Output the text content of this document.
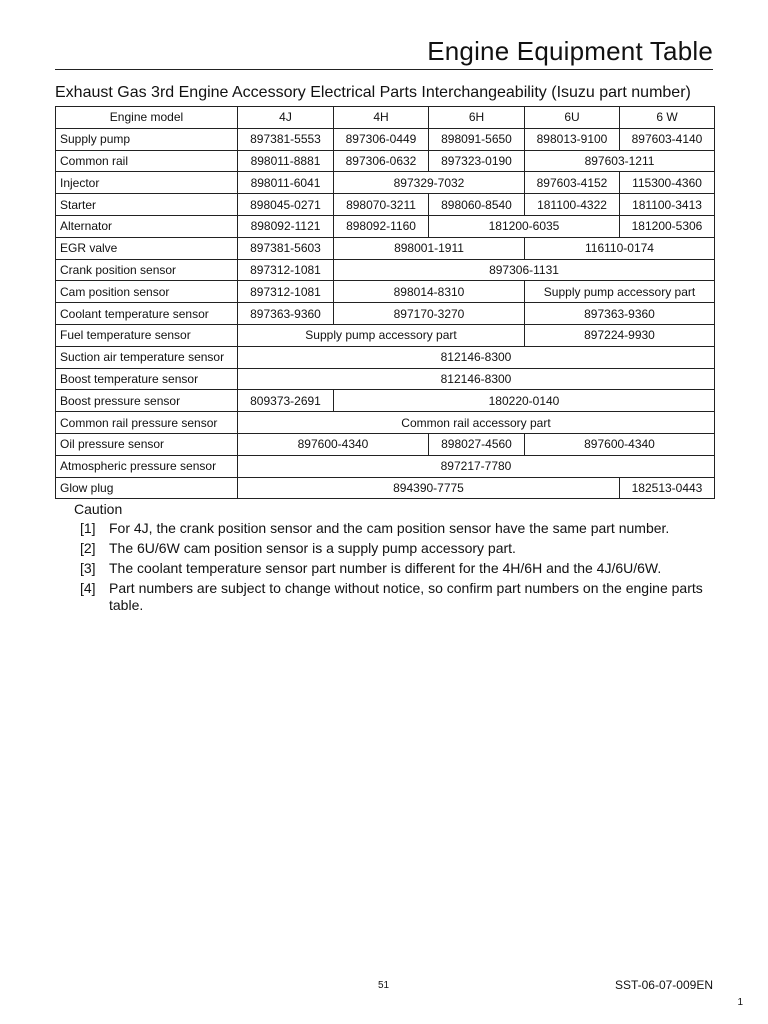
Engine Equipment Table
Exhaust Gas 3rd Engine Accessory Electrical Parts Interchangeability (Isuzu part number)
Engine model	4J	4H	6H	6U	6 W
Supply pump	897381-5553	897306-0449	898091-5650	898013-9100	897603-4140
Common rail	898011-8881	897306-0632	897323-0190	897603-1211	
Injector	898011-6041	897329-7032		897603-4152	115300-4360
Starter	898045-0271	898070-3211	898060-8540	181100-4322	181100-3413
Alternator	898092-1121	898092-1160	181200-6035		181200-5306
EGR valve	897381-5603	898001-1911		116110-0174	
Crank position sensor	897312-1081	897306-1131			
Cam position sensor	897312-1081	898014-8310		Supply pump accessory part	
Coolant temperature sensor	897363-9360	897170-3270		897363-9360	
Fuel temperature sensor	Supply pump accessory part			897224-9930	
Suction air temperature sensor	812146-8300				
Boost temperature sensor	812146-8300				
Boost pressure sensor	809373-2691	180220-0140			
Common rail pressure sensor	Common rail accessory part				
Oil pressure sensor	897600-4340		898027-4560	897600-4340	
Atmospheric pressure sensor	897217-7780				
Glow plug	894390-7775				182513-0443
Caution
[1] For 4J, the crank position sensor and the cam position sensor have the same part number.
[2] The 6U/6W cam position sensor is a supply pump accessory part.
[3] The coolant temperature sensor part number is different for the 4H/6H and the 4J/6U/6W.
[4] Part numbers are subject to change without notice, so confirm part numbers on the engine parts table.
51	SST-06-07-009EN
1
